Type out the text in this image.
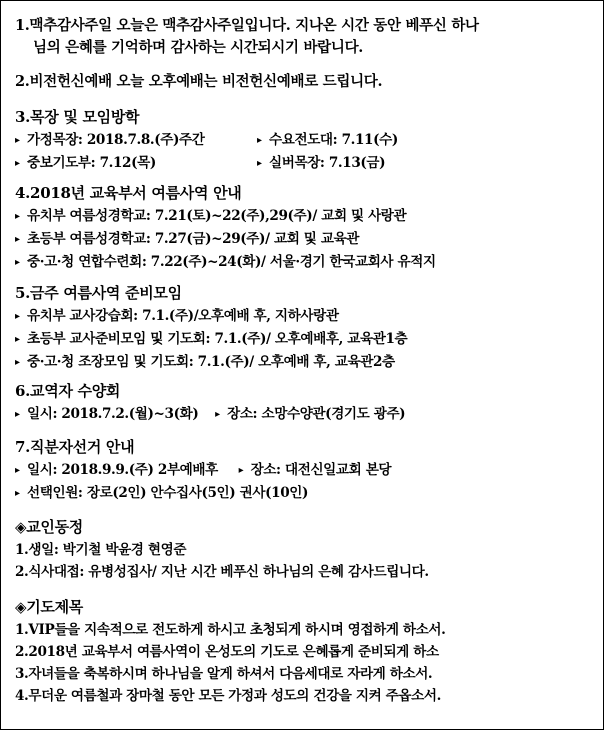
1.맥추감사주일 오늘은 맥추감사주일입니다. 지나온 시간 동안 베푸신 하나
님의 은혜를 기억하며 감사하는 시간되시기 바랍니다.
2.비전헌신예배 오늘 오후예배는 비전헌신예배로 드립니다.
3.목장 및 모임방학
▸ 가정목장: 2018.7.8.(주)주간	▸ 수요전도대: 7.11(수)
▸ 중보기도부: 7.12(목)	▸ 실버목장: 7.13(금)
4.2018년 교육부서 여름사역 안내
▸ 유치부 여름성경학교: 7.21(토)~22(주),29(주)/ 교회 및 사랑관
▸ 초등부 여름성경학교: 7.27(금)~29(주)/ 교회 및 교육관
▸ 중·고·청 연합수련회: 7.22(주)~24(화)/ 서울·경기 한국교회사 유적지
5.금주 여름사역 준비모임
▸ 유치부 교사강습회: 7.1.(주)/오후예배 후, 지하사랑관
▸ 초등부 교사준비모임 및 기도회: 7.1.(주)/ 오후예배후, 교육관1층
▸ 중·고·청 조장모임 및 기도회: 7.1.(주)/ 오후예배 후, 교육관2층
6.교역자 수양회
▸ 일시: 2018.7.2.(월)~3(화) ▸ 장소: 소망수양관(경기도 광주)
7.직분자선거 안내
▸ 일시: 2018.9.9.(주) 2부예배후 ▸ 장소: 대전신일교회 본당
▸ 선택인원: 장로(2인) 안수집사(5인) 권사(10인)
◈교인동정
1.생일: 박기철 박윤경 현영준
2.식사대접: 유병성집사/ 지난 시간 베푸신 하나님의 은혜 감사드립니다.
◈기도제목
1.VIP들을 지속적으로 전도하게 하시고 초청되게 하시며 영접하게 하소서.
2.2018년 교육부서 여름사역이 온성도의 기도로 은혜롭게 준비되게 하소
3.자녀들을 축복하시며 하나님을 알게 하셔서 다음세대로 자라게 하소서.
4.무더운 여름철과 장마철 동안 모든 가정과 성도의 건강을 지켜 주옵소서.
